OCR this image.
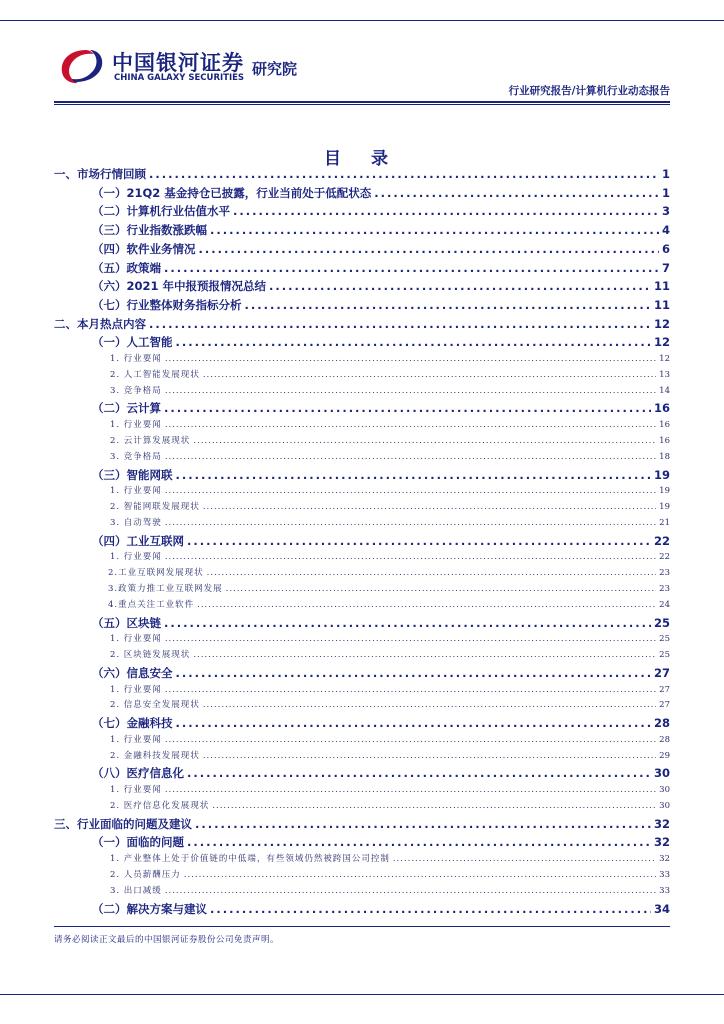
中国银河证券
CHINA GALAXY SECURITIES 研究院
行业研究报告/计算机行业动态报告
目 录
一、市场行情回顾 .....	1
（一）21Q2 基金持仓已披露，行业当前处于低配状态 .....	1
（二）计算机行业估值水平 .....	3
（三）行业指数涨跌幅 .....	4
（四）软件业务情况 .....	6
（五）政策端 .....	7
（六）2021 年中报预报情况总结 .....	11
（七）行业整体财务指标分析 .....	11
二、本月热点内容 .....	12
（一）人工智能 .....	12
1. 行业要闻 .....	12
2. 人工智能发展现状 .....	13
3. 竞争格局 .....	14
（二）云计算 .....	16
1. 行业要闻 .....	16
2. 云计算发展现状 .....	16
3. 竞争格局 .....	18
（三）智能网联 .....	19
1. 行业要闻 .....	19
2. 智能网联发展现状 .....	19
3. 自动驾驶 .....	21
（四）工业互联网 .....	22
1. 行业要闻 .....	22
2.工业互联网发展现状 .....	23
3.政策力推工业互联网发展 .....	23
4.重点关注工业软件 .....	24
（五）区块链 .....	25
1. 行业要闻 .....	25
2. 区块链发展现状 .....	25
（六）信息安全 .....	27
1. 行业要闻 .....	27
2. 信息安全发展现状 .....	27
（七）金融科技 .....	28
1. 行业要闻 .....	28
2. 金融科技发展现状 .....	29
（八）医疗信息化 .....	30
1. 行业要闻 .....	30
2. 医疗信息化发展现状 .....	30
三、行业面临的问题及建议 .....	32
（一）面临的问题 .....	32
1. 产业整体上处于价值链的中低端，有些领域仍然被跨国公司控制 .....	32
2. 人员薪酬压力 .....	33
3. 出口减缓 .....	33
（二）解决方案与建议 .....	34
请务必阅读正文最后的中国银河证券股份公司免责声明。
